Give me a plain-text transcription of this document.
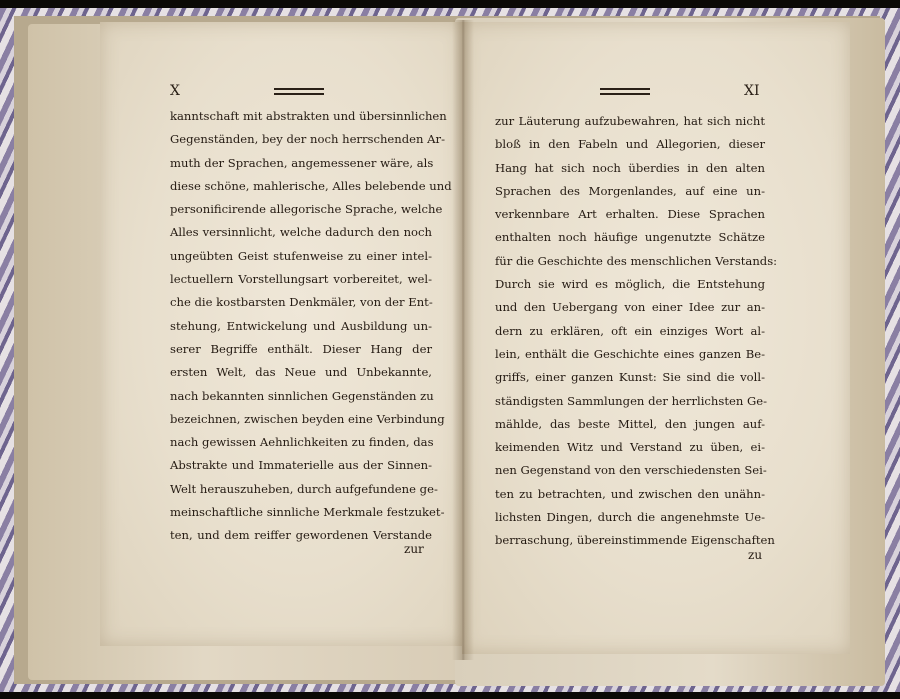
X	XI
kanntschaft mit abstrakten und übersinnlichen
Gegenständen, bey der noch herrschenden Ar-
muth der Sprachen, angemessener wäre, als
diese schöne, mahlerische, Alles belebende und
personificirende allegorische Sprache, welche
Alles versinnlicht, welche dadurch den noch
ungeübten Geist stufenweise zu einer intel-
lectuellern Vorstellungsart vorbereitet, wel-
che die kostbarsten Denkmäler, von der Ent-
stehung, Entwickelung und Ausbildung un-
serer Begriffe enthält. Dieser Hang der
ersten Welt, das Neue und Unbekannte,
nach bekannten sinnlichen Gegenständen zu
bezeichnen, zwischen beyden eine Verbindung
nach gewissen Aehnlichkeiten zu finden, das
Abstrakte und Immaterielle aus der Sinnen-
Welt herauszuheben, durch aufgefundene ge-
meinschaftliche sinnliche Merkmale festzuket-
ten, und dem reiffer gewordenen Verstande
zur Läuterung aufzubewahren, hat sich nicht
bloß in den Fabeln und Allegorien, dieser
Hang hat sich noch überdies in den alten
Sprachen des Morgenlandes, auf eine un-
verkennbare Art erhalten. Diese Sprachen
enthalten noch häufige ungenutzte Schätze
für die Geschichte des menschlichen Verstands:
Durch sie wird es möglich, die Entstehung
und den Uebergang von einer Idee zur an-
dern zu erklären, oft ein einziges Wort al-
lein, enthält die Geschichte eines ganzen Be-
griffs, einer ganzen Kunst: Sie sind die voll-
ständigsten Sammlungen der herrlichsten Ge-
mählde, das beste Mittel, den jungen auf-
keimenden Witz und Verstand zu üben, ei-
nen Gegenstand von den verschiedensten Sei-
ten zu betrachten, und zwischen den unähn-
lichsten Dingen, durch die angenehmste Ue-
berraschung, übereinstimmende Eigenschaften
zur	zu
